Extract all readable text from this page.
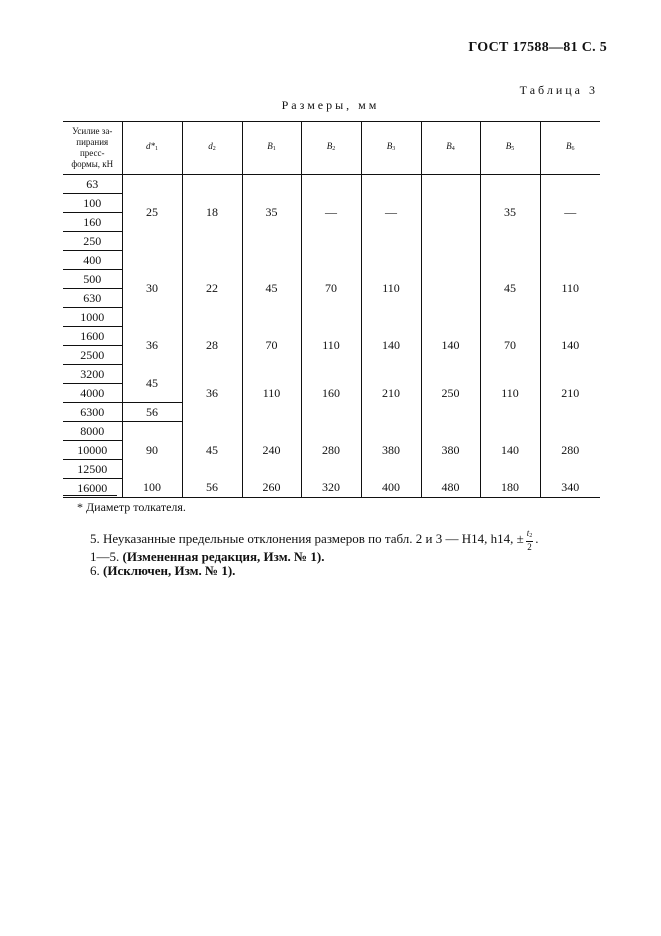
ГОСТ 17588—81 С. 5
Таблица 3
Размеры, мм
Усилие за-
пирания
пресс-
формы, кН	$d*_1$	$d_2$	$B_1$	$B_2$	$B_3$	$B_4$	$B_5$	$B_6$
63	25	18	35	—	—		35	—
100								
160								
250								
400	30	22	45	70	110		45	110
500								
630								
1000								
1600	36	28	70	110	140	140	70	140
2500								
3200	45	36	110	160	210	250	110	210
4000								
6300	56							
8000	90	45	240	280	380	380	140	280
10000								
12500								
16000	100	56	260	320	400	480	180	340
* Диаметр толкателя.
5. Неуказанные предельные отклонения размеров по табл. 2 и 3 — H14, h14, ± $\frac{t_2}{2}$ .
1—5. (Измененная редакция, Изм. № 1).
6. (Исключен, Изм. № 1).
